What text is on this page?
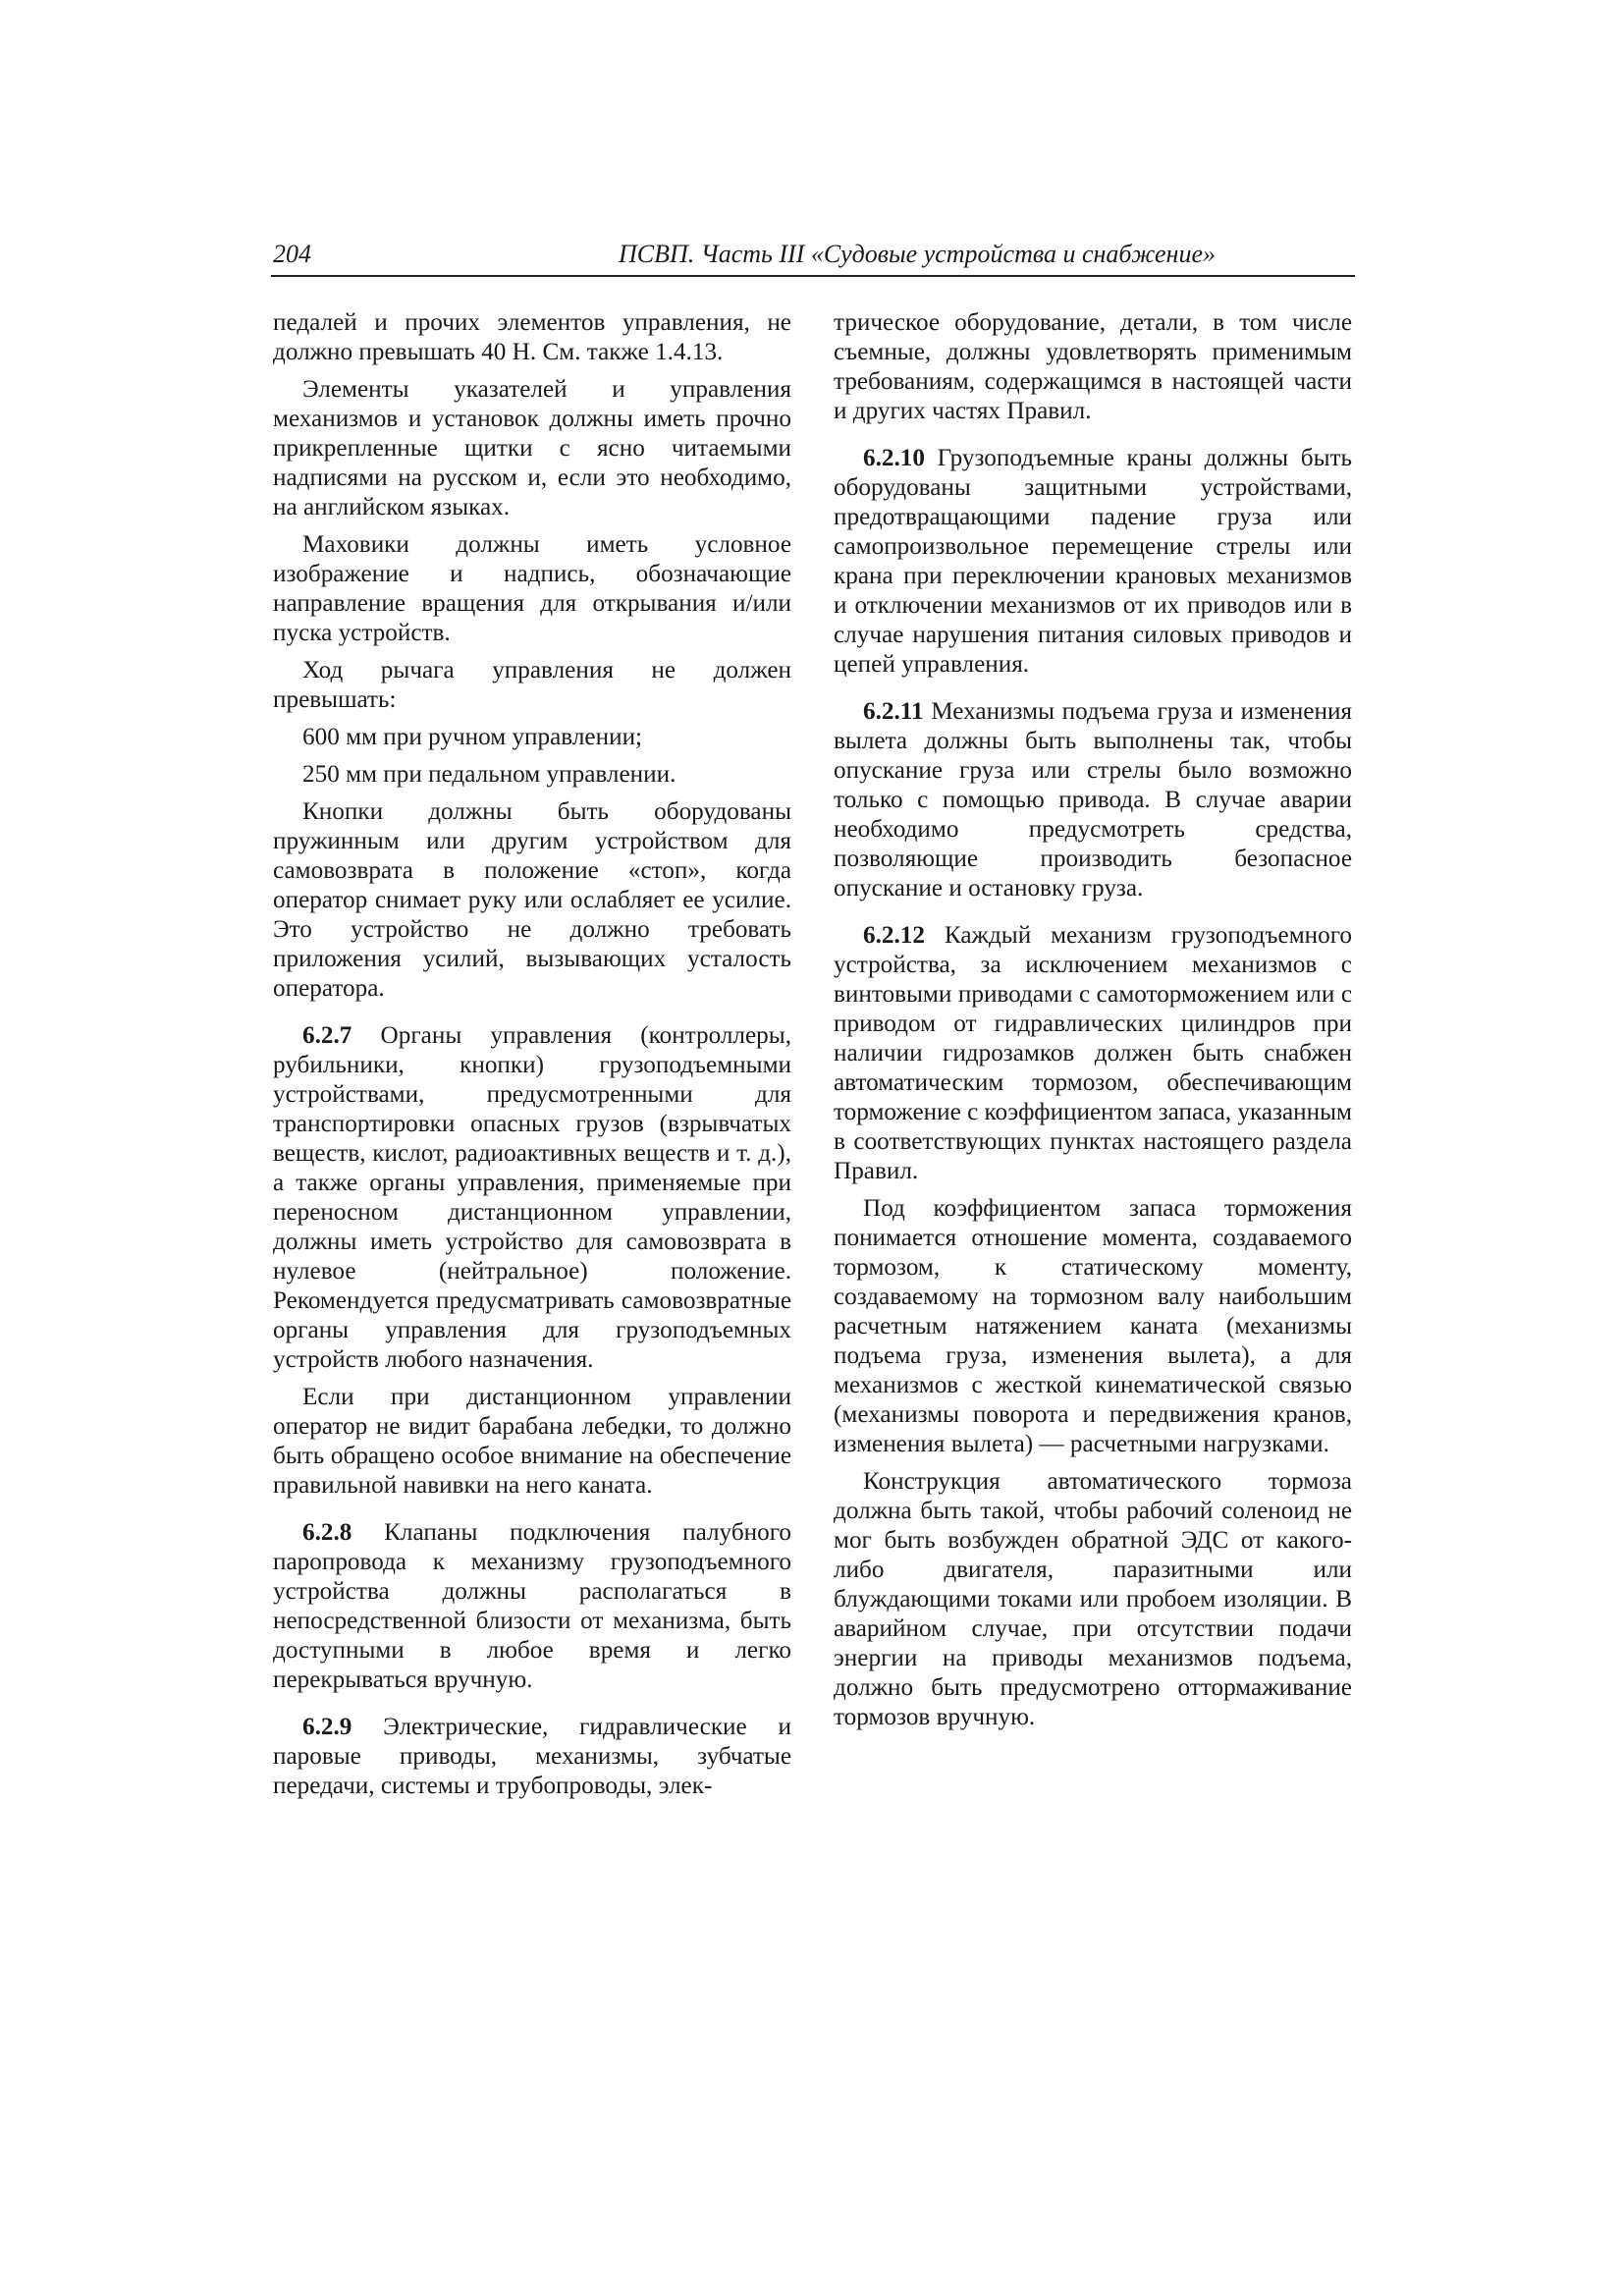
204	ПСВП. Часть III «Судовые устройства и снабжение»

педалей и прочих элементов управления, не должно превышать 40 Н. См. также 1.4.13.

Элементы указателей и управления механизмов и установок должны иметь прочно прикрепленные щитки с ясно читаемыми надписями на русском и, если это необходимо, на английском языках.

Маховики должны иметь условное изображение и надпись, обозначающие направление вращения для открывания и/или пуска устройств.

Ход рычага управления не должен превышать:

600 мм при ручном управлении;

250 мм при педальном управлении.

Кнопки должны быть оборудованы пружинным или другим устройством для самовозврата в положение «стоп», когда оператор снимает руку или ослабляет ее усилие. Это устройство не должно требовать приложения усилий, вызывающих усталость оператора.

6.2.7 Органы управления (контроллеры, рубильники, кнопки) грузоподъемными устройствами, предусмотренными для транспортировки опасных грузов (взрывчатых веществ, кислот, радиоактивных веществ и т. д.), а также органы управления, применяемые при переносном дистанционном управлении, должны иметь устройство для самовозврата в нулевое (нейтральное) положение. Рекомендуется предусматривать самовозвратные органы управления для грузоподъемных устройств любого назначения.

Если при дистанционном управлении оператор не видит барабана лебедки, то должно быть обращено особое внимание на обеспечение правильной навивки на него каната.

6.2.8 Клапаны подключения палубного паропровода к механизму грузоподъемного устройства должны располагаться в непосредственной близости от механизма, быть доступными в любое время и легко перекрываться вручную.

6.2.9 Электрические, гидравлические и паровые приводы, механизмы, зубчатые передачи, системы и трубопроводы, элек-

трическое оборудование, детали, в том числе съемные, должны удовлетворять применимым требованиям, содержащимся в настоящей части и других частях Правил.

6.2.10 Грузоподъемные краны должны быть оборудованы защитными устройствами, предотвращающими падение груза или самопроизвольное перемещение стрелы или крана при переключении крановых механизмов и отключении механизмов от их приводов или в случае нарушения питания силовых приводов и цепей управления.

6.2.11 Механизмы подъема груза и изменения вылета должны быть выполнены так, чтобы опускание груза или стрелы было возможно только с помощью привода. В случае аварии необходимо предусмотреть средства, позволяющие производить безопасное опускание и остановку груза.

6.2.12 Каждый механизм грузоподъемного устройства, за исключением механизмов с винтовыми приводами с самоторможением или с приводом от гидравлических цилиндров при наличии гидрозамков должен быть снабжен автоматическим тормозом, обеспечивающим торможение с коэффициентом запаса, указанным в соответствующих пунктах настоящего раздела Правил.

Под коэффициентом запаса торможения понимается отношение момента, создаваемого тормозом, к статическому моменту, создаваемому на тормозном валу наибольшим расчетным натяжением каната (механизмы подъема груза, изменения вылета), а для механизмов с жесткой кинематической связью (механизмы поворота и передвижения кранов, изменения вылета) — расчетными нагрузками.

Конструкция автоматического тормоза должна быть такой, чтобы рабочий соленоид не мог быть возбужден обратной ЭДС от какого-либо двигателя, паразитными или блуждающими токами или пробоем изоляции. В аварийном случае, при отсутствии подачи энергии на приводы механизмов подъема, должно быть предусмотрено оттормаживание тормозов вручную.
